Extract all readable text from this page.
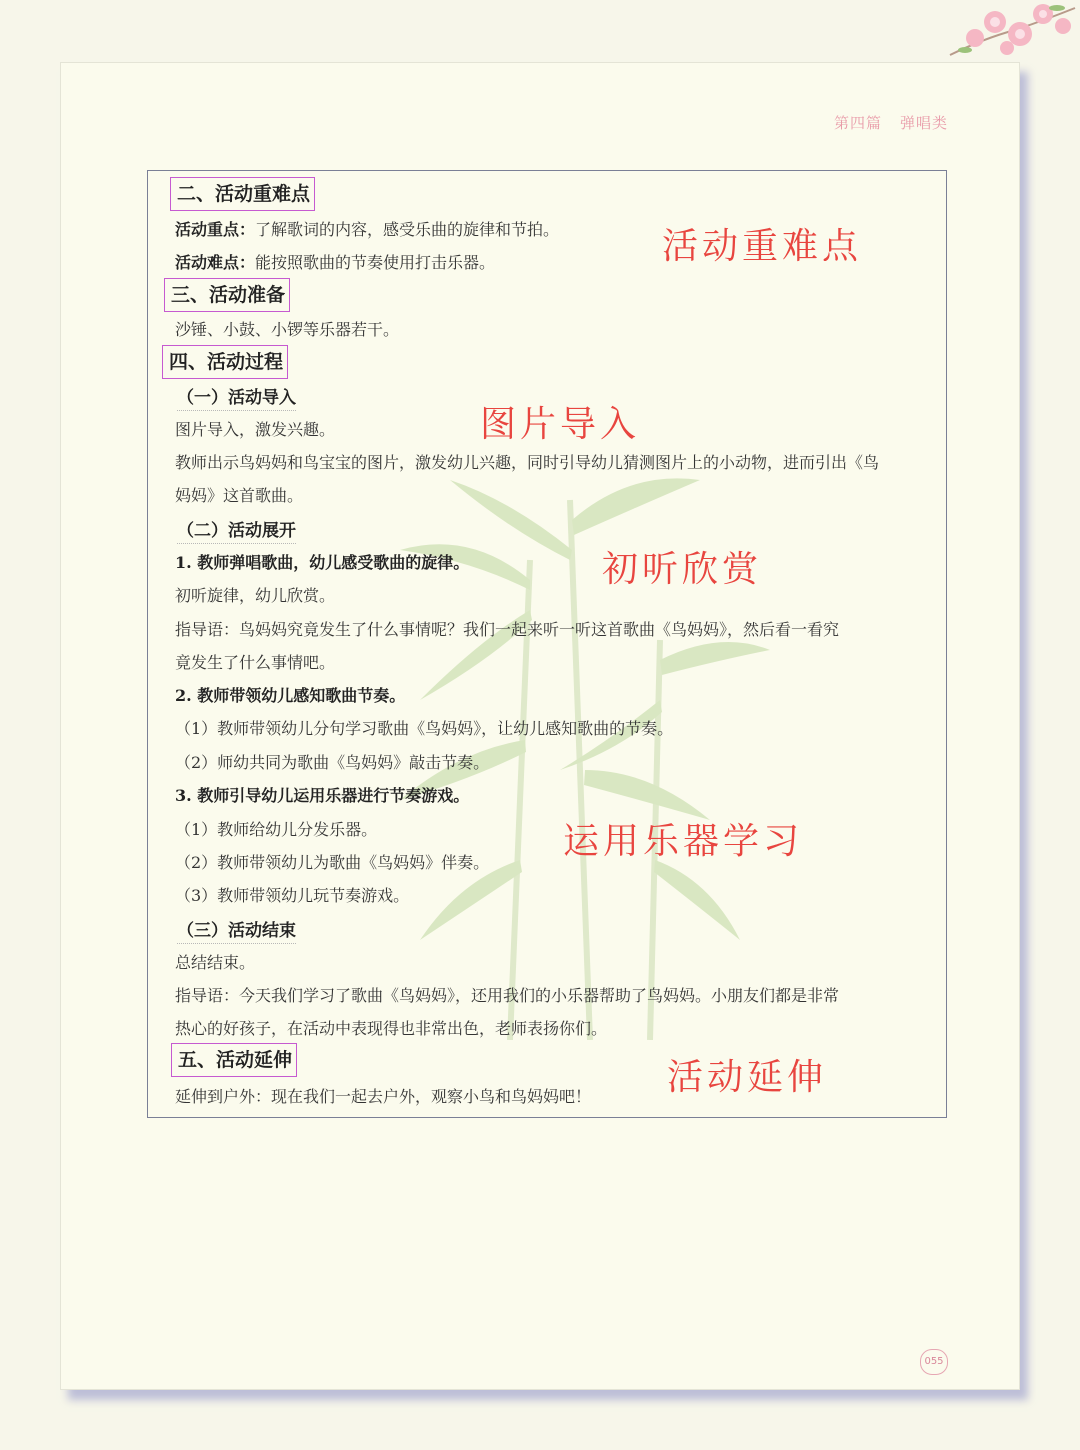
第四篇 弹唱类
二、活动重难点
活动重点：了解歌词的内容，感受乐曲的旋律和节拍。
活动难点：能按照歌曲的节奏使用打击乐器。
三、活动准备
沙锤、小鼓、小锣等乐器若干。
四、活动过程
（一）活动导入
图片导入，激发兴趣。
教师出示鸟妈妈和鸟宝宝的图片，激发幼儿兴趣，同时引导幼儿猜测图片上的小动物，进而引出《鸟
妈妈》这首歌曲。
（二）活动展开
1. 教师弹唱歌曲，幼儿感受歌曲的旋律。
初听旋律，幼儿欣赏。
指导语：鸟妈妈究竟发生了什么事情呢？我们一起来听一听这首歌曲《鸟妈妈》，然后看一看究
竟发生了什么事情吧。
2. 教师带领幼儿感知歌曲节奏。
（1）教师带领幼儿分句学习歌曲《鸟妈妈》，让幼儿感知歌曲的节奏。
（2）师幼共同为歌曲《鸟妈妈》敲击节奏。
3. 教师引导幼儿运用乐器进行节奏游戏。
（1）教师给幼儿分发乐器。
（2）教师带领幼儿为歌曲《鸟妈妈》伴奏。
（3）教师带领幼儿玩节奏游戏。
（三）活动结束
总结结束。
指导语：今天我们学习了歌曲《鸟妈妈》，还用我们的小乐器帮助了鸟妈妈。小朋友们都是非常
热心的好孩子，在活动中表现得也非常出色，老师表扬你们。
五、活动延伸
延伸到户外：现在我们一起去户外，观察小鸟和鸟妈妈吧！
活动重难点
图片导入
初听欣赏
运用乐器学习
活动延伸
055
